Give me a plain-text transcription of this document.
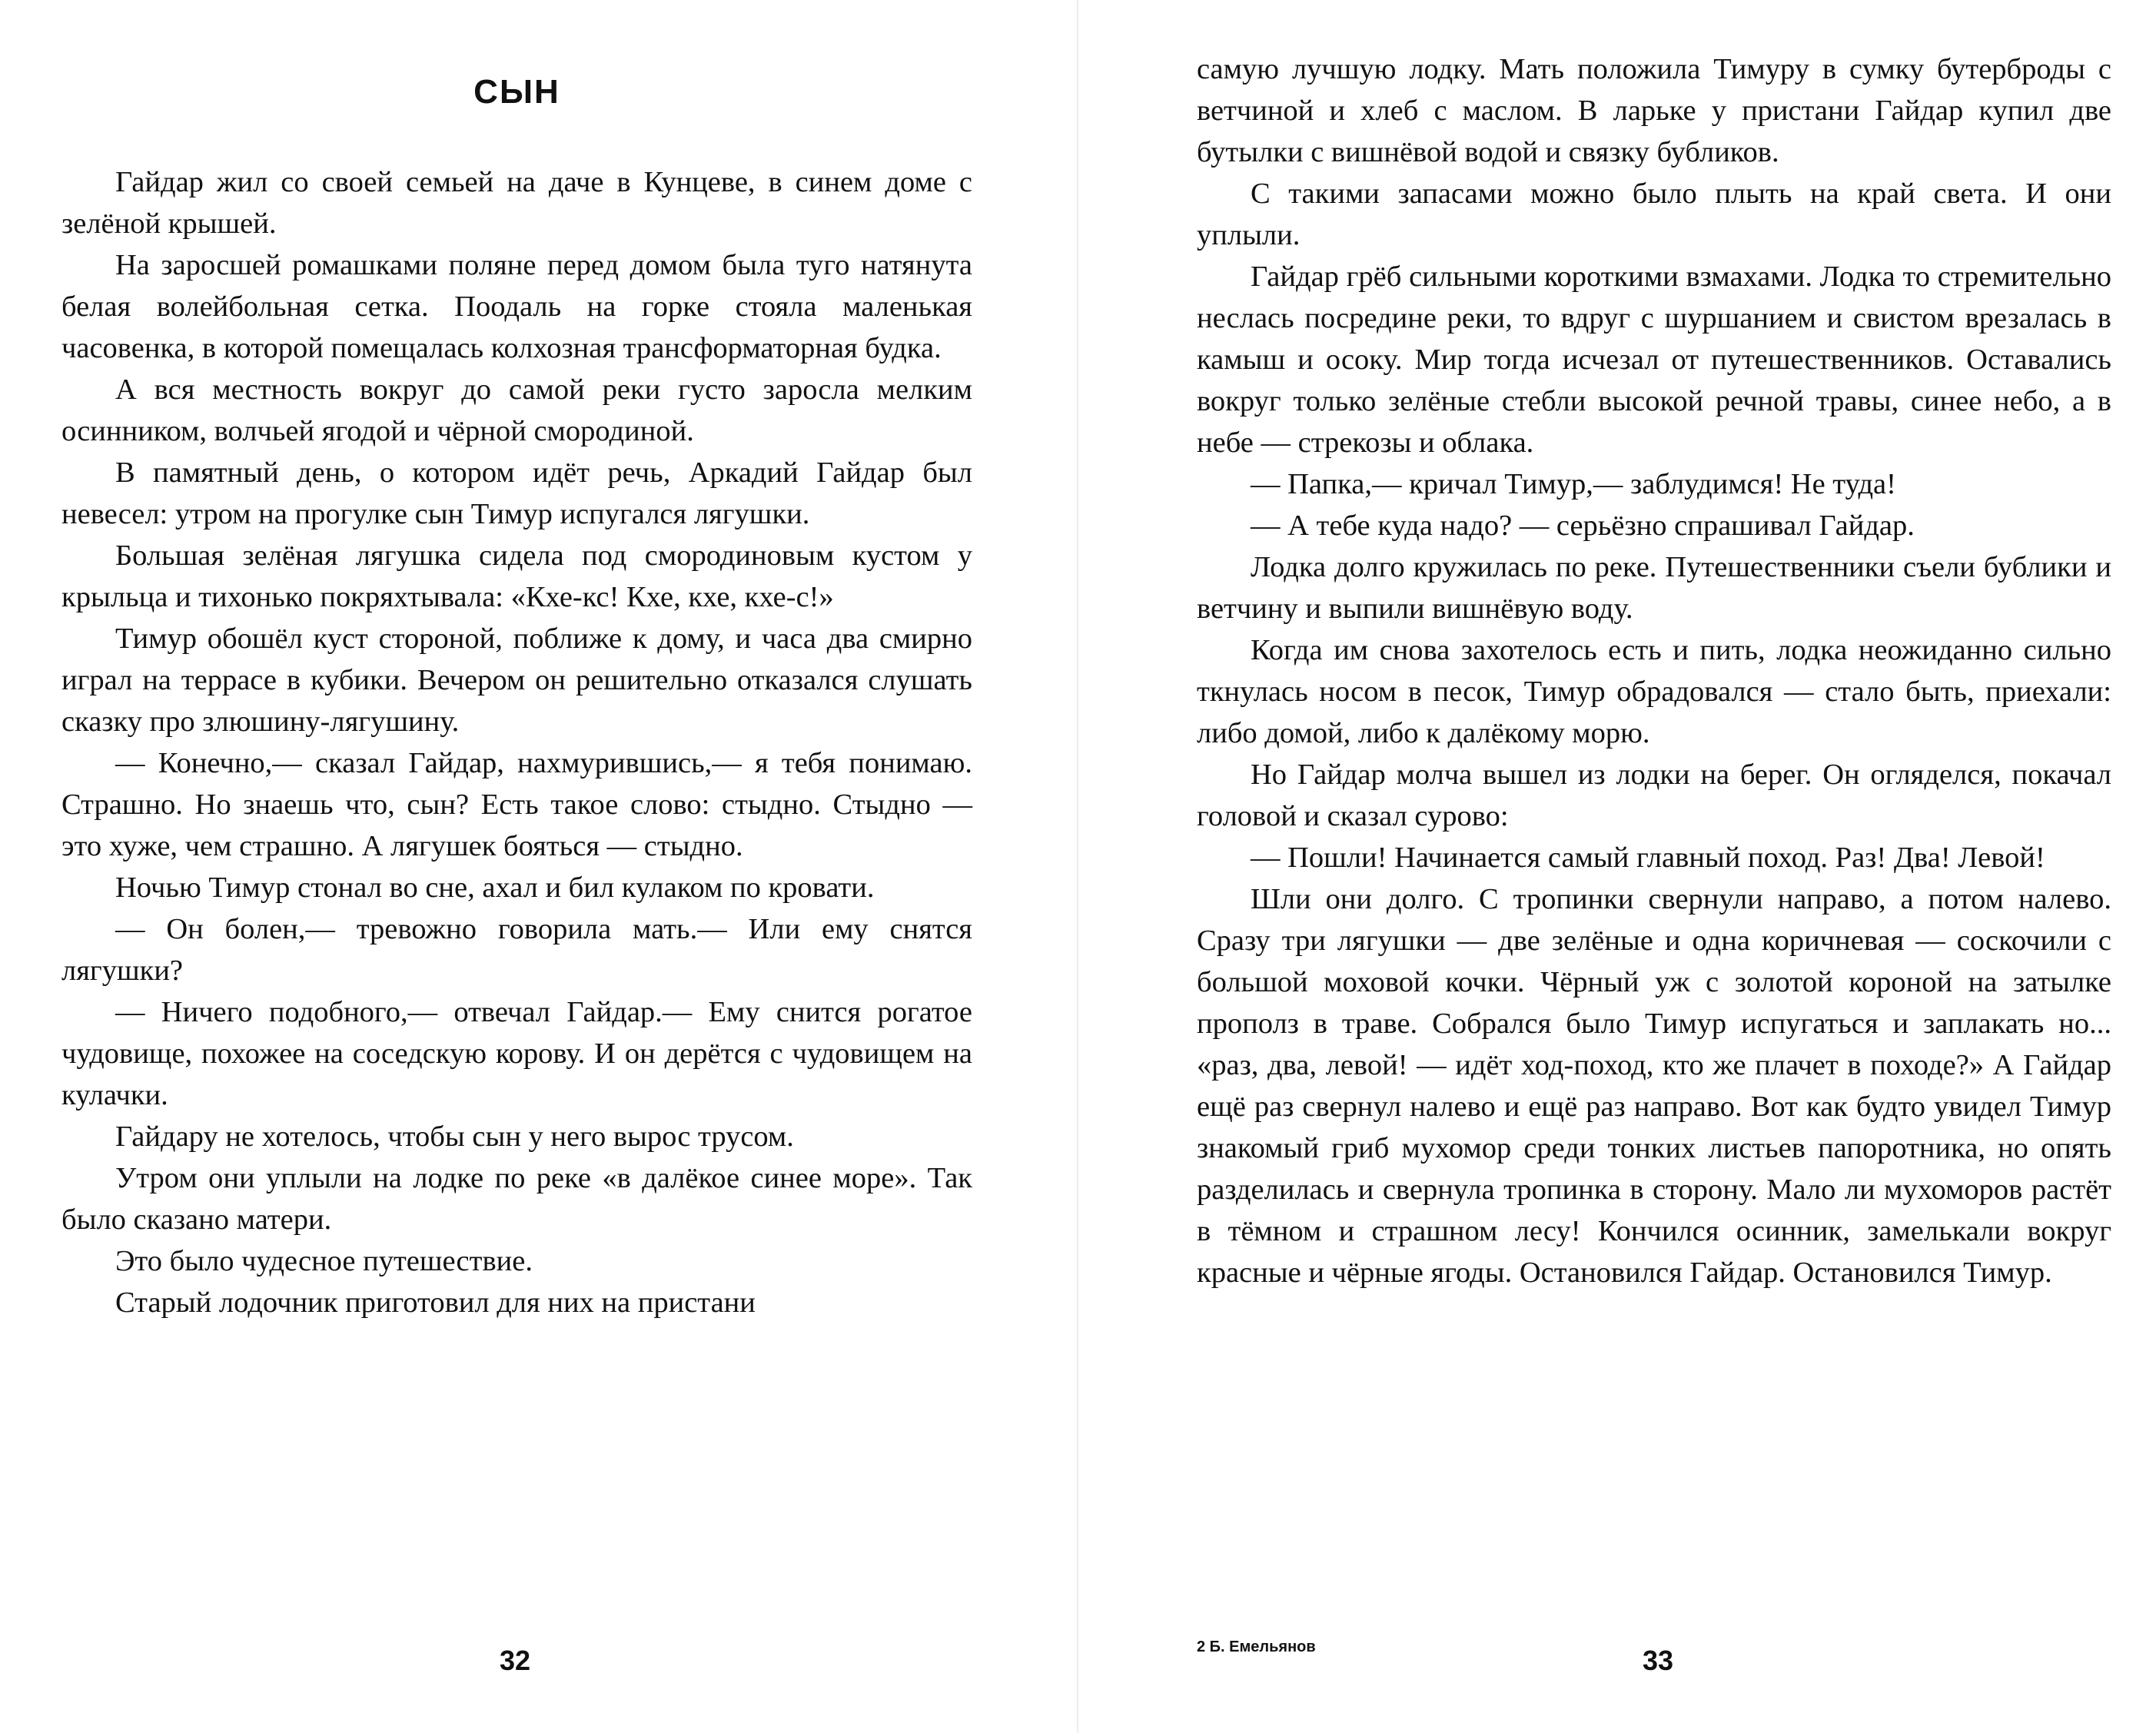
СЫН

Гайдар жил со своей семьей на даче в Кунцеве, в синем доме с зелёной крышей.

На заросшей ромашками поляне перед домом была туго натянута белая волейбольная сетка. Поодаль на горке стояла маленькая часовенка, в которой помещалась колхозная трансформаторная будка.

А вся местность вокруг до самой реки густо заросла мелким осинником, волчьей ягодой и чёрной смородиной.

В памятный день, о котором идёт речь, Аркадий Гайдар был невесел: утром на прогулке сын Тимур испугался лягушки.

Большая зелёная лягушка сидела под смородиновым кустом у крыльца и тихонько покряхтывала: «Кхе-кс! Кхе, кхе, кхе-с!»

Тимур обошёл куст стороной, поближе к дому, и часа два смирно играл на террасе в кубики. Вечером он решительно отказался слушать сказку про злюшину-лягушину.

— Конечно,— сказал Гайдар, нахмурившись,— я тебя понимаю. Страшно. Но знаешь что, сын? Есть такое слово: стыдно. Стыдно — это хуже, чем страшно. А лягушек бояться — стыдно.

Ночью Тимур стонал во сне, ахал и бил кулаком по кровати.

— Он болен,— тревожно говорила мать.— Или ему снятся лягушки?

— Ничего подобного,— отвечал Гайдар.— Ему снится рогатое чудовище, похожее на соседскую корову. И он дерётся с чудовищем на кулачки.

Гайдару не хотелось, чтобы сын у него вырос трусом.

Утром они уплыли на лодке по реке «в далёкое синее море». Так было сказано матери.

Это было чудесное путешествие.

Старый лодочник приготовил для них на пристани

32

самую лучшую лодку. Мать положила Тимуру в сумку бутерброды с ветчиной и хлеб с маслом. В ларьке у пристани Гайдар купил две бутылки с вишнёвой водой и связку бубликов.

С такими запасами можно было плыть на край света. И они уплыли.

Гайдар грёб сильными короткими взмахами. Лодка то стремительно неслась посредине реки, то вдруг с шуршанием и свистом врезалась в камыш и осоку. Мир тогда исчезал от путешественников. Оставались вокруг только зелёные стебли высокой речной травы, синее небо, а в небе — стрекозы и облака.

— Папка,— кричал Тимур,— заблудимся! Не туда!

— А тебе куда надо? — серьёзно спрашивал Гайдар.

Лодка долго кружилась по реке. Путешественники съели бублики и ветчину и выпили вишнёвую воду.

Когда им снова захотелось есть и пить, лодка неожиданно сильно ткнулась носом в песок, Тимур обрадовался — стало быть, приехали: либо домой, либо к далёкому морю.

Но Гайдар молча вышел из лодки на берег. Он огляделся, покачал головой и сказал сурово:

— Пошли! Начинается самый главный поход. Раз! Два! Левой!

Шли они долго. С тропинки свернули направо, а потом налево. Сразу три лягушки — две зелёные и одна коричневая — соскочили с большой моховой кочки. Чёрный уж с золотой короной на затылке прополз в траве. Собрался было Тимур испугаться и заплакать но... «раз, два, левой! — идёт ход-поход, кто же плачет в походе?» А Гайдар ещё раз свернул налево и ещё раз направо. Вот как будто увидел Тимур знакомый гриб мухомор среди тонких листьев папоротника, но опять разделилась и свернула тропинка в сторону. Мало ли мухоморов растёт в тёмном и страшном лесу! Кончился осинник, замелькали вокруг красные и чёрные ягоды. Остановился Гайдар. Остановился Тимур.

2 Б. Емельянов	33
